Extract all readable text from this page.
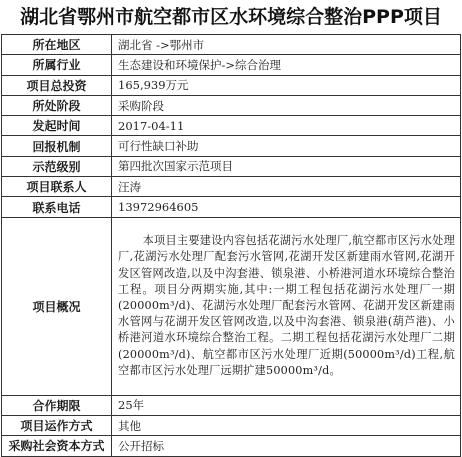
湖北省鄂州市航空都市区水环境综合整治PPP项目
所在地区	湖北省 ->鄂州市
所属行业	生态建设和环境保护->综合治理
项目总投资	165,939万元
所处阶段	采购阶段
发起时间	2017-04-11
回报机制	可行性缺口补助
示范级别	第四批次国家示范项目
项目联系人	汪涛
联系电话	13972964605
项目概况	本项目主要建设内容包括花湖污水处理厂,航空都市区污水处理厂,花湖污水处理厂配套污水管网,花湖开发区新建雨水管网,花湖开发区管网改造,以及中沟套港、锁泉港、小桥港河道水环境综合整治工程。项目分两期实施,其中:一期工程包括花湖污水处理厂一期(20000m³/d)、花湖污水处理厂配套污水管网、花湖开发区新建雨水管网与花湖开发区管网改造,以及中沟套港、锁泉港(葫芦港)、小桥港河道水环境综合整治工程。二期工程包括花湖污水处理厂二期(20000m³/d)、航空都市区污水处理厂近期(50000m³/d)工程,航空都市区污水处理厂远期扩建50000m³/d。
合作期限	25年
项目运作方式	其他
采购社会资本方式	公开招标
